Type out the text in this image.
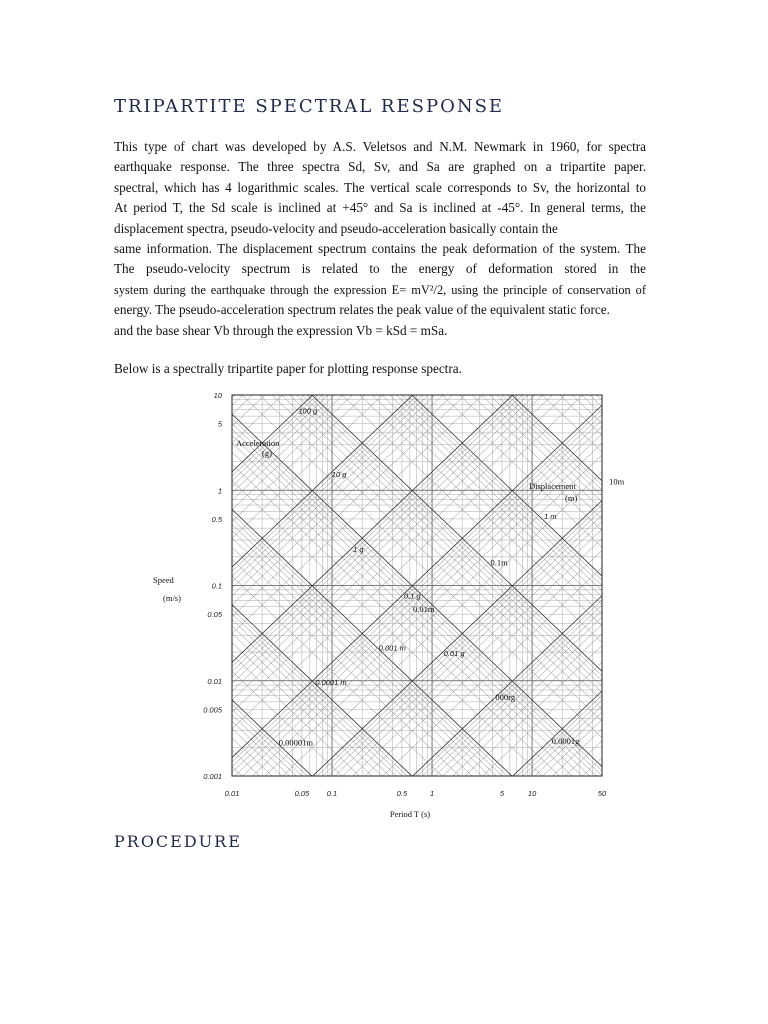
TRIPARTITE SPECTRAL RESPONSE
This type of chart was developed by A.S. Veletsos and N.M. Newmark in 1960, for spectra
earthquake response. The three spectra Sd, Sv, and Sa are graphed on a tripartite paper.
spectral, which has 4 logarithmic scales. The vertical scale corresponds to Sv, the horizontal to
At period T, the Sd scale is inclined at +45° and Sa is inclined at -45°. In general terms, the
displacement spectra, pseudo-velocity and pseudo-acceleration basically contain the
same information. The displacement spectrum contains the peak deformation of the system. The
The pseudo-velocity spectrum is related to the energy of deformation stored in the
system during the earthquake through the expression E= mV²/2, using the principle of conservation of
energy. The pseudo-acceleration spectrum relates the peak value of the equivalent static force.
and the base shear Vb through the expression Vb = kSd = mSa.
Below is a spectrally tripartite paper for plotting response spectra.
10
5
1
0.5
0.1
0.05
0.01
0.005
0.001
0.01	0.05 0.1	0.5	1	5	10	50
Period T (s)
Speed
(m/s)
100 g
10 g
1 g
0.1 g
0.01 g
000rg
0.0001g
Acceleration
(g)
10m
1 m
0.1m
0.01m
0.001 m
0.0001 m
0.00001m
Displacement
(m)
PROCEDURE
